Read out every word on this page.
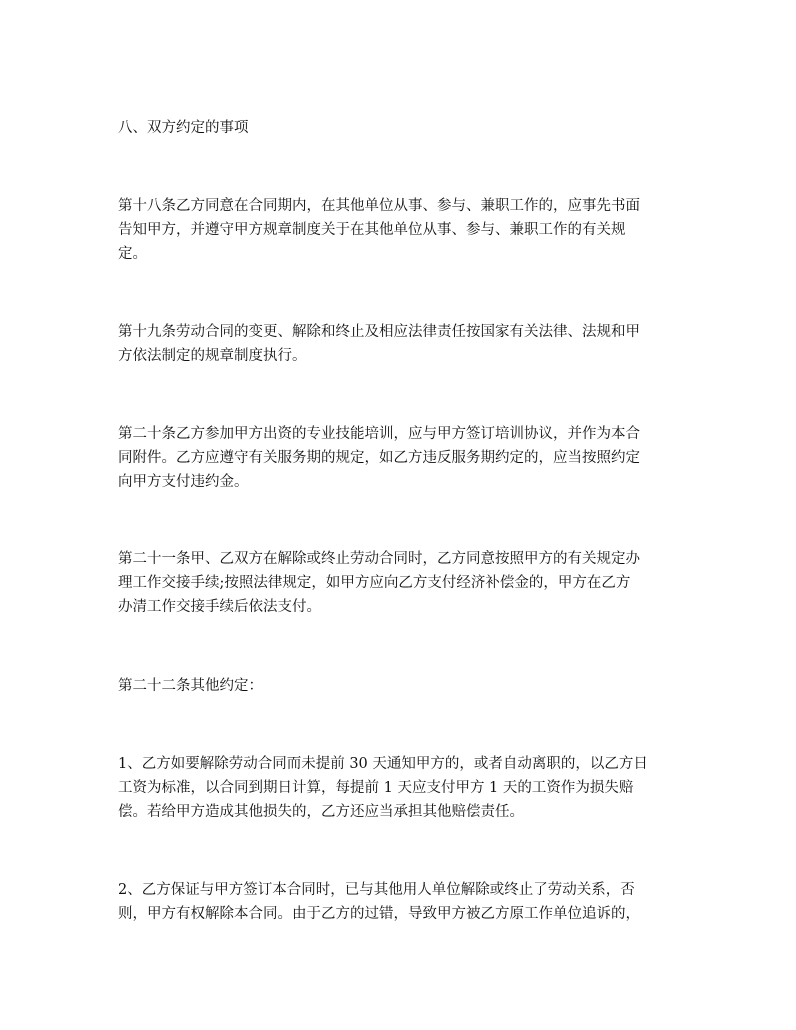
八、双方约定的事项
第十八条乙方同意在合同期内，在其他单位从事、参与、兼职工作的，应事先书面
告知甲方，并遵守甲方规章制度关于在其他单位从事、参与、兼职工作的有关规
定。
第十九条劳动合同的变更、解除和终止及相应法律责任按国家有关法律、法规和甲
方依法制定的规章制度执行。
第二十条乙方参加甲方出资的专业技能培训，应与甲方签订培训协议，并作为本合
同附件。乙方应遵守有关服务期的规定，如乙方违反服务期约定的，应当按照约定
向甲方支付违约金。
第二十一条甲、乙双方在解除或终止劳动合同时，乙方同意按照甲方的有关规定办
理工作交接手续;按照法律规定，如甲方应向乙方支付经济补偿金的，甲方在乙方
办清工作交接手续后依法支付。
第二十二条其他约定：
1、乙方如要解除劳动合同而未提前 30 天通知甲方的，或者自动离职的，以乙方日
工资为标准，以合同到期日计算，每提前 1 天应支付甲方 1 天的工资作为损失赔
偿。若给甲方造成其他损失的，乙方还应当承担其他赔偿责任。
2、乙方保证与甲方签订本合同时，已与其他用人单位解除或终止了劳动关系，否
则，甲方有权解除本合同。由于乙方的过错，导致甲方被乙方原工作单位追诉的，
